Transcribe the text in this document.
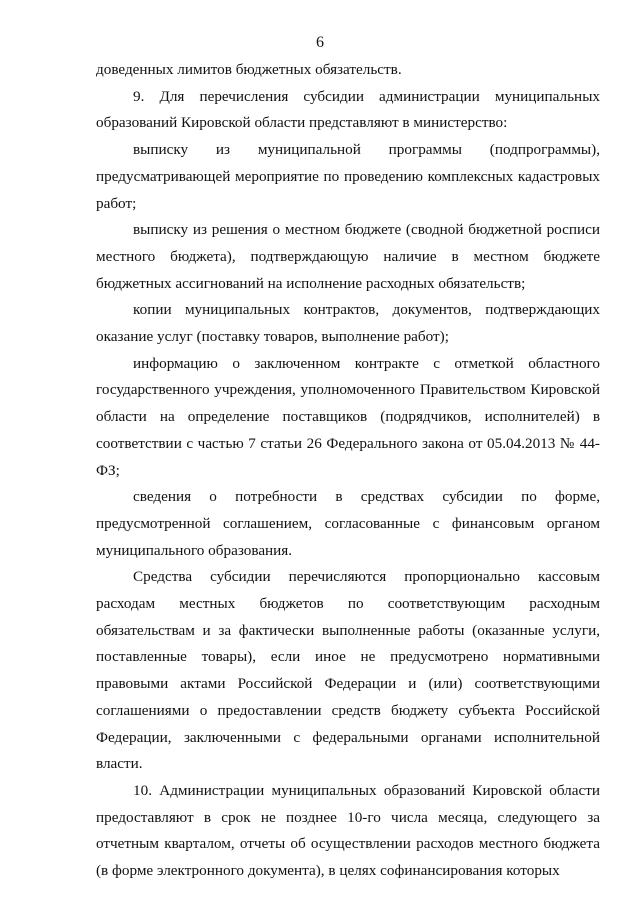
6

доведенных лимитов бюджетных обязательств.

9. Для перечисления субсидии администрации муниципальных образований Кировской области представляют в министерство:

выписку из муниципальной программы (подпрограммы), предусматривающей мероприятие по проведению комплексных кадастровых работ;

выписку из решения о местном бюджете (сводной бюджетной росписи местного бюджета), подтверждающую наличие в местном бюджете бюджетных ассигнований на исполнение расходных обязательств;

копии муниципальных контрактов, документов, подтверждающих оказание услуг (поставку товаров, выполнение работ);

информацию о заключенном контракте с отметкой областного государственного учреждения, уполномоченного Правительством Кировской области на определение поставщиков (подрядчиков, исполнителей) в соответствии с частью 7 статьи 26 Федерального закона от 05.04.2013 № 44-ФЗ;

сведения о потребности в средствах субсидии по форме, предусмотренной соглашением, согласованные с финансовым органом муниципального образования.

Средства субсидии перечисляются пропорционально кассовым расходам местных бюджетов по соответствующим расходным обязательствам и за фактически выполненные работы (оказанные услуги, поставленные товары), если иное не предусмотрено нормативными правовыми актами Российской Федерации и (или) соответствующими соглашениями о предоставлении средств бюджету субъекта Российской Федерации, заключенными с федеральными органами исполнительной власти.

10. Администрации муниципальных образований Кировской области предоставляют в срок не позднее 10-го числа месяца, следующего за отчетным кварталом, отчеты об осуществлении расходов местного бюджета (в форме электронного документа), в целях софинансирования которых
